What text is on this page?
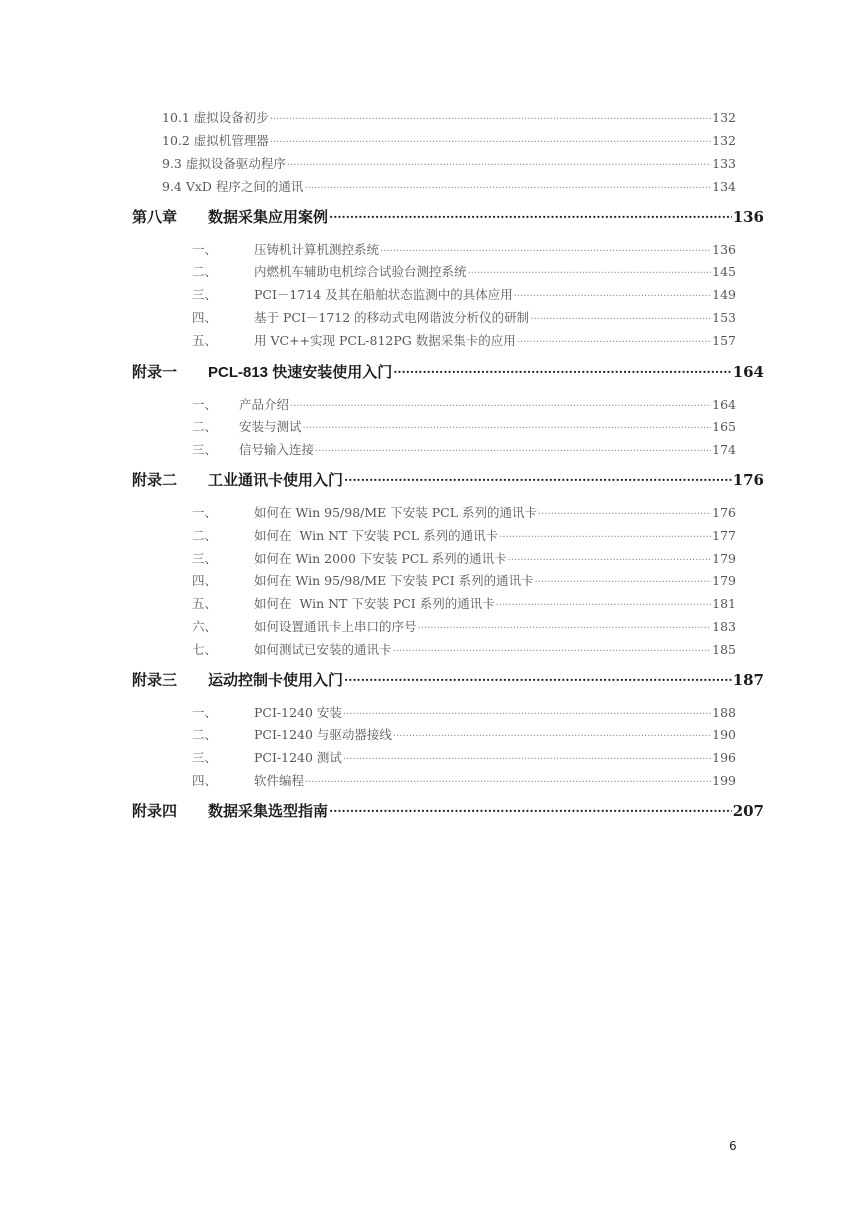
10.1 虚拟设备初步 .....	132
10.2 虚拟机管理器 .....	132
9.3 虚拟设备驱动程序 .....	133
9.4 VxD 程序之间的通讯 .....	134
第八章	数据采集应用案例 .....	136
一、	压铸机计算机测控系统 .....	136
二、	内燃机车辅助电机综合试验台测控系统 .....	145
三、	PCI－1714 及其在船舶状态监测中的具体应用 .....	149
四、	基于 PCI－1712 的移动式电网谐波分析仪的研制 .....	153
五、	用 VC++实现 PCL-812PG 数据采集卡的应用 .....	157
附录一	PCL-813 快速安装使用入门 .....	164
一、	产品介绍 .....	164
二、	安装与测试 .....	165
三、	信号输入连接 .....	174
附录二	工业通讯卡使用入门 .....	176
一、	如何在 Win 95/98/ME 下安装 PCL 系列的通讯卡 .....	176
二、	如何在  Win NT 下安装 PCL 系列的通讯卡 .....	177
三、	如何在 Win 2000 下安装 PCL 系列的通讯卡 .....	179
四、	如何在 Win 95/98/ME 下安装 PCI 系列的通讯卡 .....	179
五、	如何在  Win NT 下安装 PCI 系列的通讯卡 .....	181
六、	如何设置通讯卡上串口的序号 .....	183
七、	如何测试已安装的通讯卡 .....	185
附录三	运动控制卡使用入门 .....	187
一、	PCI-1240 安装 .....	188
二、	PCI-1240 与驱动器接线 .....	190
三、	PCI-1240 测试 .....	196
四、	软件编程 .....	199
附录四	数据采集选型指南 .....	207
6
